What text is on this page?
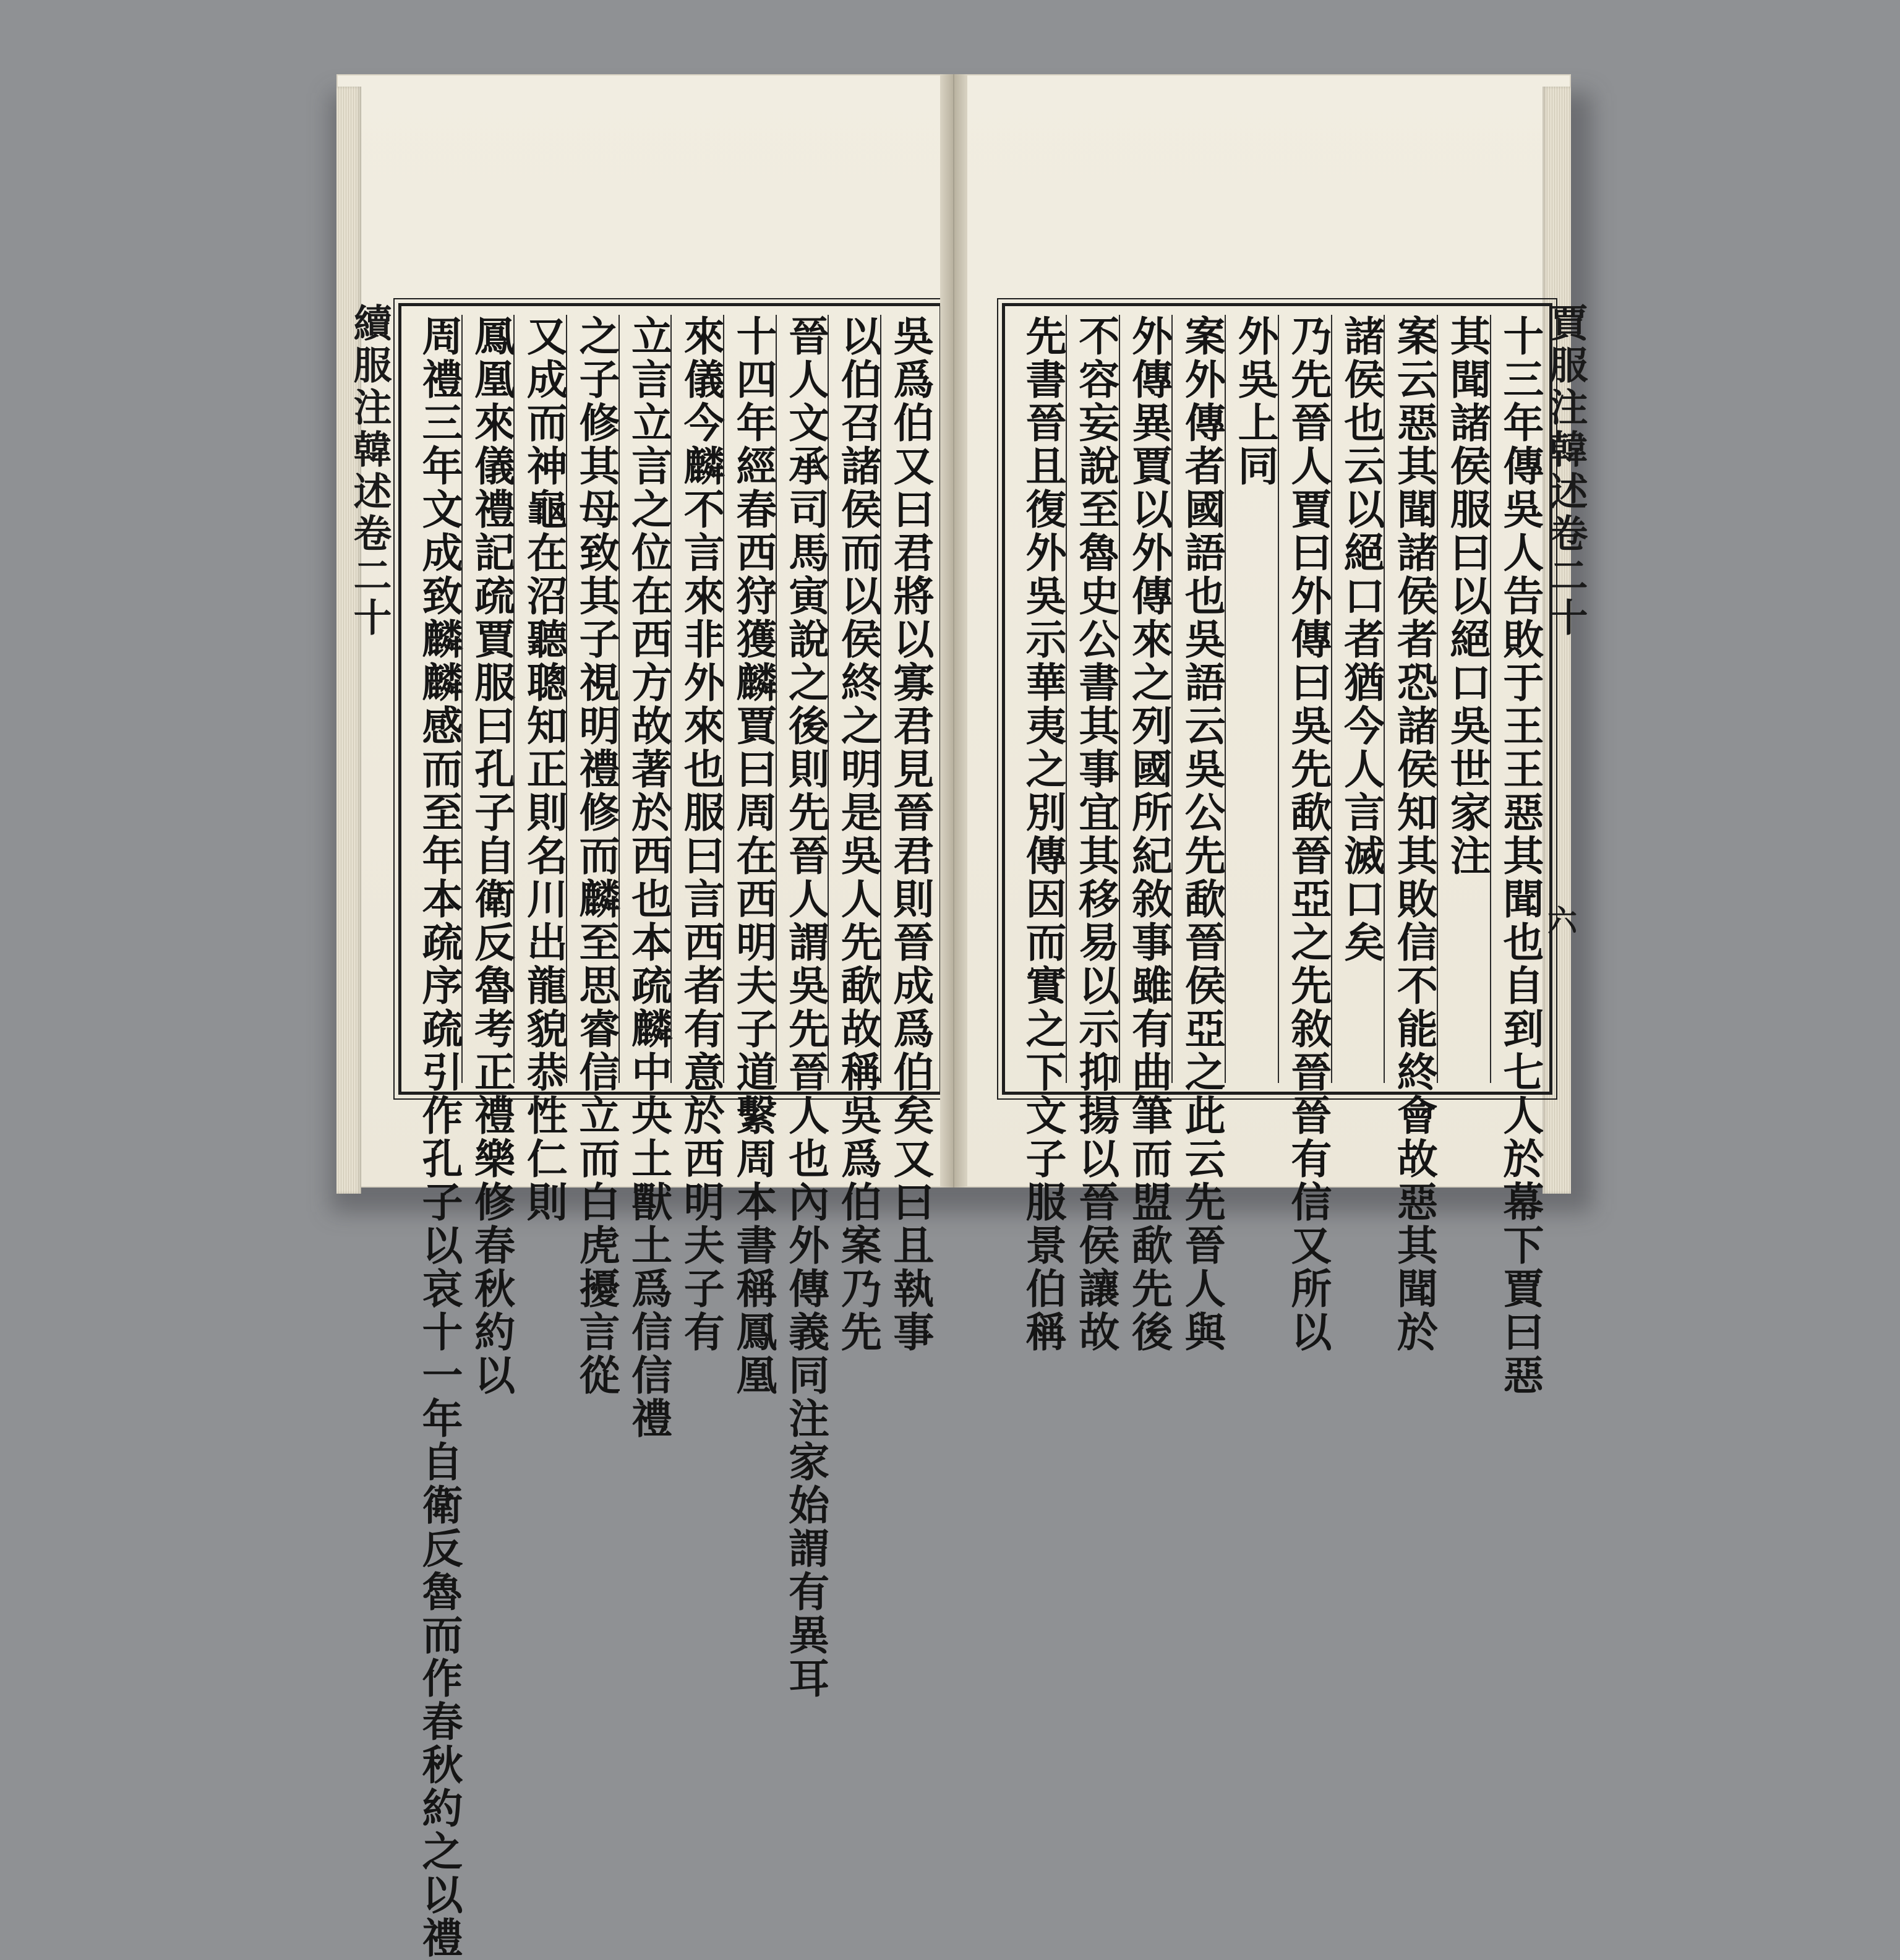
續服注韓述卷二十	吳爲伯又曰君將以寡君見晉君則晉成爲伯矣又曰且執事
以伯召諸侯而以侯終之明是吳人先歃故稱吳爲伯案乃先
晉人文承司馬寅說之後則先晉人謂吳先晉人也內外傳義同注家始謂有異耳
十四年經春西狩獲麟賈曰周在西明夫子道繫周本書稱鳳凰
來儀今麟不言來非外來也服曰言西者有意於西明夫子有
立言立言之位在西方故著於西也本疏麟中央土獸土爲信信禮
之子修其母致其子視明禮修而麟至思睿信立而白虎擾言從
又成而神龜在沼聽聰知正則名川出龍貌恭性仁則
鳳凰來儀禮記疏賈服曰孔子自衛反魯考正禮樂修春秋約以
周禮三年文成致麟麟感而至年本疏序疏引作孔子以哀十一年自衛反魯而作春秋約之以禮	十三年傳吳人告敗于王王惡其聞也自到七人於幕下賈曰惡
其聞諸侯服曰以絕口吳世家注
案云惡其聞諸侯者恐諸侯知其敗信不能終會故惡其聞於
諸侯也云以絕口者猶今人言滅口矣
乃先晉人賈曰外傳曰吳先歃晉亞之先敘晉晉有信又所以
外吳上同
案外傳者國語也吳語云吳公先歃晉侯亞之此云先晉人與
外傳異賈以外傳來之列國所紀敘事雖有曲筆而盟歃先後
不容妄說至魯史公書其事宜其移易以示抑揚以晉侯讓故
先書晉且復外吳示華夷之別傳因而實之下文子服景伯稱	賈服注韓述卷二十
六
